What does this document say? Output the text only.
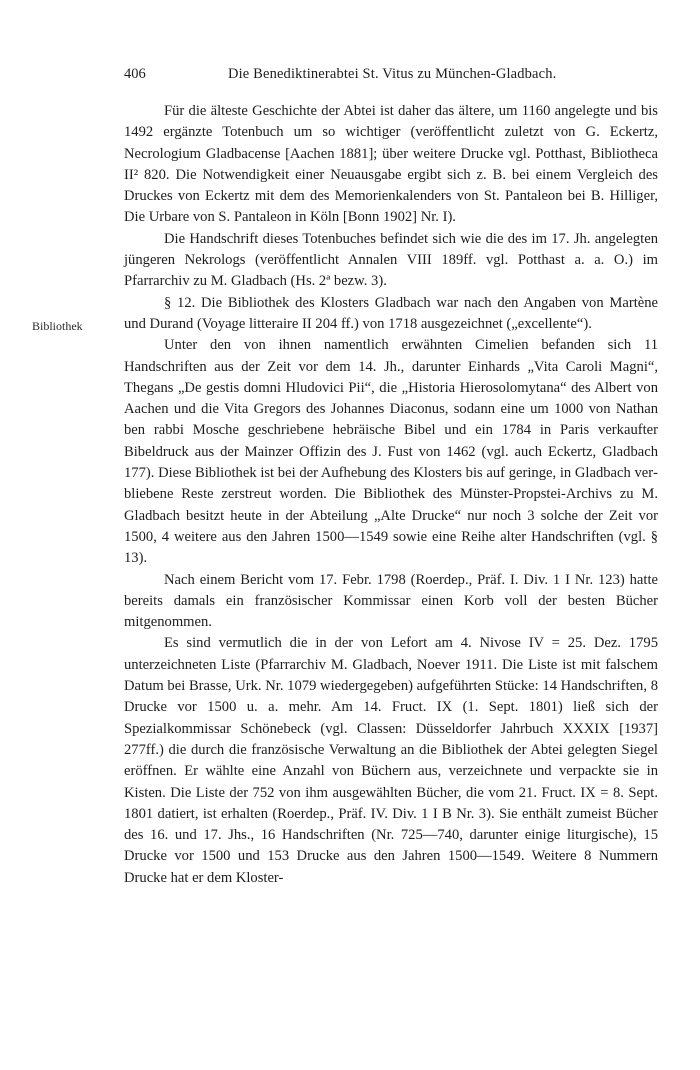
406	Die Benediktinerabtei St. Vitus zu München-Gladbach.
Bibliothek

Für die älteste Geschichte der Abtei ist daher das ältere, um 1160 angelegte und bis 1492 ergänzte Totenbuch um so wichtiger (veröffentlicht zuletzt von G. Eckertz, Necrologium Gladbacense [Aachen 1881]; über weitere Drucke vgl. Potthast, Bibliotheca II² 820. Die Notwendigkeit einer Neuausgabe ergibt sich z. B. bei einem Vergleich des Druckes von Eckertz mit dem des Memorienkalenders von St. Pantaleon bei B. Hilliger, Die Urbare von S. Pantaleon in Köln [Bonn 1902] Nr. I).

Die Handschrift dieses Totenbuches befindet sich wie die des im 17. Jh. angelegten jüngeren Nekrologs (veröffentlicht Annalen VIII 189ff. vgl. Potthast a. a. O.) im Pfarrarchiv zu M. Gladbach (Hs. 2ª bezw. 3).

§ 12. Die Bibliothek des Klosters Gladbach war nach den Angaben von Martène und Durand (Voyage litteraire II 204 ff.) von 1718 ausgezeichnet („excellente“).

Unter den von ihnen namentlich erwähnten Cimelien befanden sich 11 Handschriften aus der Zeit vor dem 14. Jh., darunter Einhards „Vita Caroli Magni“, Thegans „De gestis domni Hludovici Pii“, die „Historia Hierosolomytana“ des Albert von Aachen und die Vita Gregors des Johannes Diaconus, sodann eine um 1000 von Nathan ben rabbi Mosche geschriebene hebräische Bibel und ein 1784 in Paris verkaufter Bibeldruck aus der Mainzer Offizin des J. Fust von 1462 (vgl. auch Eckertz, Gladbach 177). Diese Bibliothek ist bei der Aufhebung des Klosters bis auf geringe, in Gladbach verbliebene Reste zerstreut worden. Die Bibliothek des Münster-Propstei-Archivs zu M. Gladbach besitzt heute in der Abteilung „Alte Drucke“ nur noch 3 solche der Zeit vor 1500, 4 weitere aus den Jahren 1500—1549 sowie eine Reihe alter Handschriften (vgl. § 13).

Nach einem Bericht vom 17. Febr. 1798 (Roerdep., Präf. I. Div. 1 I Nr. 123) hatte bereits damals ein französischer Kommissar einen Korb voll der besten Bücher mitgenommen.

Es sind vermutlich die in der von Lefort am 4. Nivose IV = 25. Dez. 1795 unterzeichneten Liste (Pfarrarchiv M. Gladbach, Noever 1911. Die Liste ist mit falschem Datum bei Brasse, Urk. Nr. 1079 wiedergegeben) aufgeführten Stücke: 14 Handschriften, 8 Drucke vor 1500 u. a. mehr. Am 14. Fruct. IX (1. Sept. 1801) ließ sich der Spezialkommissar Schönebeck (vgl. Classen: Düsseldorfer Jahrbuch XXXIX [1937] 277ff.) die durch die französische Verwaltung an die Bibliothek der Abtei gelegten Siegel eröffnen. Er wählte eine Anzahl von Büchern aus, verzeichnete und verpackte sie in Kisten. Die Liste der 752 von ihm ausgewählten Bücher, die vom 21. Fruct. IX = 8. Sept. 1801 datiert, ist erhalten (Roerdep., Präf. IV. Div. 1 I B Nr. 3). Sie enthält zumeist Bücher des 16. und 17. Jhs., 16 Handschriften (Nr. 725—740, darunter einige liturgische), 15 Drucke vor 1500 und 153 Drucke aus den Jahren 1500—1549. Weitere 8 Nummern Drucke hat er dem Kloster-
